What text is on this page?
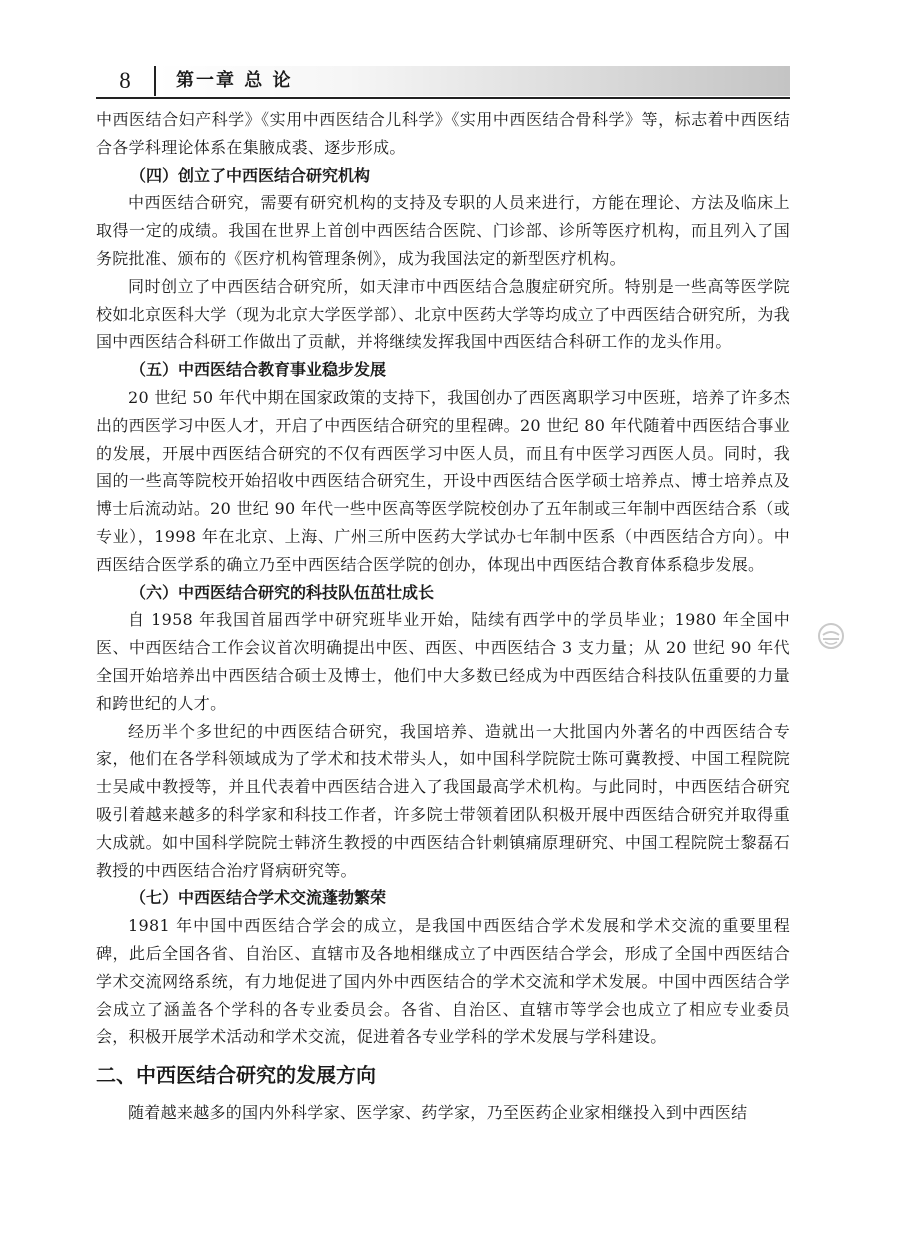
8	第一章 总 论

中西医结合妇产科学》《实用中西医结合儿科学》《实用中西医结合骨科学》等，标志着中西医结合各学科理论体系在集腋成裘、逐步形成。

（四）创立了中西医结合研究机构

中西医结合研究，需要有研究机构的支持及专职的人员来进行，方能在理论、方法及临床上取得一定的成绩。我国在世界上首创中西医结合医院、门诊部、诊所等医疗机构，而且列入了国务院批准、颁布的《医疗机构管理条例》，成为我国法定的新型医疗机构。

同时创立了中西医结合研究所，如天津市中西医结合急腹症研究所。特别是一些高等医学院校如北京医科大学（现为北京大学医学部）、北京中医药大学等均成立了中西医结合研究所，为我国中西医结合科研工作做出了贡献，并将继续发挥我国中西医结合科研工作的龙头作用。

（五）中西医结合教育事业稳步发展

20 世纪 50 年代中期在国家政策的支持下，我国创办了西医离职学习中医班，培养了许多杰出的西医学习中医人才，开启了中西医结合研究的里程碑。20 世纪 80 年代随着中西医结合事业的发展，开展中西医结合研究的不仅有西医学习中医人员，而且有中医学习西医人员。同时，我国的一些高等院校开始招收中西医结合研究生，开设中西医结合医学硕士培养点、博士培养点及博士后流动站。20 世纪 90 年代一些中医高等医学院校创办了五年制或三年制中西医结合系（或专业），1998 年在北京、上海、广州三所中医药大学试办七年制中医系（中西医结合方向）。中西医结合医学系的确立乃至中西医结合医学院的创办，体现出中西医结合教育体系稳步发展。

（六）中西医结合研究的科技队伍茁壮成长

自 1958 年我国首届西学中研究班毕业开始，陆续有西学中的学员毕业；1980 年全国中医、中西医结合工作会议首次明确提出中医、西医、中西医结合 3 支力量；从 20 世纪 90 年代全国开始培养出中西医结合硕士及博士，他们中大多数已经成为中西医结合科技队伍重要的力量和跨世纪的人才。

经历半个多世纪的中西医结合研究，我国培养、造就出一大批国内外著名的中西医结合专家，他们在各学科领域成为了学术和技术带头人，如中国科学院院士陈可冀教授、中国工程院院士吴咸中教授等，并且代表着中西医结合进入了我国最高学术机构。与此同时，中西医结合研究吸引着越来越多的科学家和科技工作者，许多院士带领着团队积极开展中西医结合研究并取得重大成就。如中国科学院院士韩济生教授的中西医结合针刺镇痛原理研究、中国工程院院士黎磊石教授的中西医结合治疗肾病研究等。

（七）中西医结合学术交流蓬勃繁荣

1981 年中国中西医结合学会的成立，是我国中西医结合学术发展和学术交流的重要里程碑，此后全国各省、自治区、直辖市及各地相继成立了中西医结合学会，形成了全国中西医结合学术交流网络系统，有力地促进了国内外中西医结合的学术交流和学术发展。中国中西医结合学会成立了涵盖各个学科的各专业委员会。各省、自治区、直辖市等学会也成立了相应专业委员会，积极开展学术活动和学术交流，促进着各专业学科的学术发展与学科建设。

二、中西医结合研究的发展方向

随着越来越多的国内外科学家、医学家、药学家，乃至医药企业家相继投入到中西医结
